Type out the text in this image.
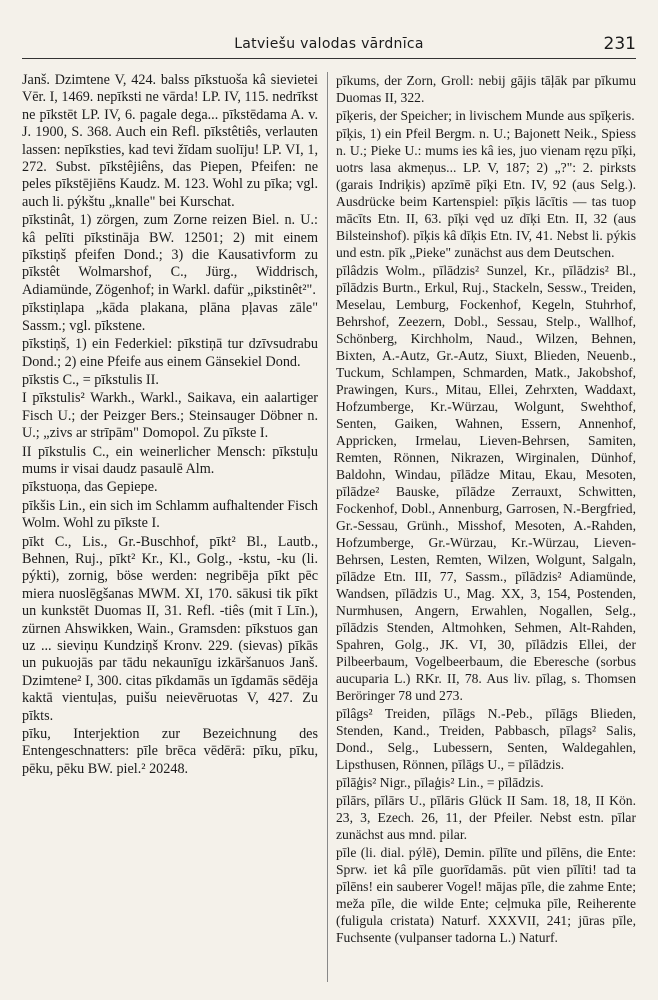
Latviešu valodas vārdnīca	231

Janš. Dzimtene V, 424. balss pīkstuoša kâ sievietei Vēr. I, 1469. nepīksti ne vārda! LP. IV, 115. nedrīkst ne pīkstēt LP. IV, 6. pagale dega... pīkstēdama A. v. J. 1900, S. 368. Auch ein Refl. pīkstêtiês, verlauten lassen: nepīksties, kad tevi žīdam suolīju! LP. VI, 1, 272. Subst. pīkstêjiêns, das Piepen, Pfeifen: ne peles pīkstējiēns Kaudz. M. 123. Wohl zu pīka; vgl. auch li. pýkštu „knalle" bei Kurschat.

pīkstinât, 1) zörgen, zum Zorne reizen Biel. n. U.: kâ pelīti pīkstināja BW. 12501; 2) mit einem pīkstiņš pfeifen Dond.; 3) die Kausativform zu pīkstêt Wolmarshof, C., Jürg., Widdrisch, Adiamünde, Zögenhof; in Warkl. dafür „pikstinêt²".

pīkstiņlapa „kāda plakana, plāna pļavas zāle" Sassm.; vgl. pīkstene.

pīkstiņš, 1) ein Federkiel: pīkstiņā tur dzīvsudrabu Dond.; 2) eine Pfeife aus einem Gänsekiel Dond.

pīkstis C., = pīkstulis II.

I pīkstulis² Warkh., Warkl., Saikava, ein aalartiger Fisch U.; der Peizger Bers.; Steinsauger Döbner n. U.; „zivs ar strīpām" Domopol. Zu pīkste I.

II pīkstulis C., ein weinerlicher Mensch: pīkstuļu mums ir visai daudz pasaulē Alm.

pīkstuoņa, das Gepiepe.

pīkšis Lin., ein sich im Schlamm aufhaltender Fisch Wolm. Wohl zu pīkste I.

pīkt C., Lis., Gr.-Buschhof, pīkt² Bl., Lautb., Behnen, Ruj., pīkt² Kr., Kl., Golg., -kstu, -ku (li. pýkti), zornig, böse werden: negribēja pīkt pēc miera nuoslēgšanas MWM. XI, 170. sākusi tik pīkt un kunkstēt Duomas II, 31. Refl. -tiês (mit ī Līn.), zürnen Ahswikken, Wain., Gramsden: pīkstuos gan uz ... sieviņu Kundziņš Kronv. 229. (sievas) pīkās un pukuojās par tādu nekaunīgu izkāršanuos Janš. Dzimtene² I, 300. citas pīkdamās un īgdamās sēdēja kaktā vientuļas, puišu neievēruotas V, 427. Zu pīkts.

pīku, Interjektion zur Bezeichnung des Entengeschnatters: pīle brēca vēdērā: pīku, pīku, pēku, pēku BW. piel.² 20248.

pīkums, der Zorn, Groll: nebij gājis tāļāk par pīkumu Duomas II, 322.

pīķeris, der Speicher; in livischem Munde aus spīķeris.

pīķis, 1) ein Pfeil Bergm. n. U.; Bajonett Neik., Spiess n. U.; Pieke U.: mums ies kâ ies, juo vienam ręzu pīķi, uotrs lasa akmeņus... LP. V, 187; 2) „?": 2. pirksts (garais Indriķis) apzīmē pīķi Etn. IV, 92 (aus Selg.). Ausdrücke beim Kartenspiel: pīķis lācītis — tas tuop mācīts Etn. II, 63. pīķi vęd uz dīķi Etn. II, 32 (aus Bilsteinshof). pīķis kâ dīķis Etn. IV, 41. Nebst li. pýkis und estn. pīk „Pieke" zunächst aus dem Deutschen.

pīlâdzis Wolm., pīlādzis² Sunzel, Kr., pīlādzis² Bl., pīlādzis Burtn., Erkul, Ruj., Stackeln, Sessw., Treiden, Meselau, Lemburg, Fockenhof, Kegeln, Stuhrhof, Behrshof, Zeezern, Dobl., Sessau, Stelp., Wallhof, Schönberg, Kirchholm, Naud., Wilzen, Behnen, Bixten, A.-Autz, Gr.-Autz, Siuxt, Blieden, Neuenb., Tuckum, Schlampen, Schmarden, Matk., Jakobshof, Prawingen, Kurs., Mitau, Ellei, Zehrxten, Waddaxt, Hofzumberge, Kr.-Würzau, Wolgunt, Swehthof, Senten, Gaiken, Wahnen, Essern, Annenhof, Appricken, Irmelau, Lieven-Behrsen, Samiten, Remten, Rönnen, Nikrazen, Wirginalen, Dünhof, Baldohn, Windau, pīlādze Mitau, Ekau, Mesoten, pīlādze² Bauske, pīlādze Zerrauxt, Schwitten, Fockenhof, Dobl., Annenburg, Garrosen, N.-Bergfried, Gr.-Sessau, Grünh., Misshof, Mesoten, A.-Rahden, Hofzumberge, Gr.-Würzau, Kr.-Würzau, Lieven-Behrsen, Lesten, Remten, Wilzen, Wolgunt, Salgaln, pīlādze Etn. III, 77, Sassm., pīlādzis² Adiamünde, Wandsen, pīlādzis U., Mag. XX, 3, 154, Postenden, Nurmhusen, Angern, Erwahlen, Nogallen, Selg., pīlādzis Stenden, Altmohken, Sehmen, Alt-Rahden, Spahren, Golg., JK. VI, 30, pīlādzis Ellei, der Pilbeerbaum, Vogelbeerbaum, die Eberesche (sorbus aucuparia L.) RKr. II, 78. Aus liv. pīlag, s. Thomsen Beröringer 78 und 273.

pīlâgs² Treiden, pīlāgs N.-Peb., pīlāgs Blieden, Stenden, Kand., Treiden, Pabbasch, pīlags² Salis, Dond., Selg., Lubessern, Senten, Waldegahlen, Lipsthusen, Rönnen, pīlāgs U., = pīlādzis.

pīlāģis² Nigr., pīlaģis² Lin., = pīlādzis.

pīlārs, pīlārs U., pīlāris Glück II Sam. 18, 18, II Kön. 23, 3, Ezech. 26, 11, der Pfeiler. Nebst estn. pīlar zunächst aus mnd. pilar.

pīle (li. dial. pýlē), Demin. pīlīte und pīlēns, die Ente: Sprw. iet kâ pīle guorīdamās. pūt vien pīlīti! tad ta pīlēns! ein sauberer Vogel! mājas pīle, die zahme Ente; meža pīle, die wilde Ente; ceļmuka pīle, Reiherente (fuligula cristata) Naturf. XXXVII, 241; jūras pīle, Fuchsente (vulpanser tadorna L.) Naturf.
